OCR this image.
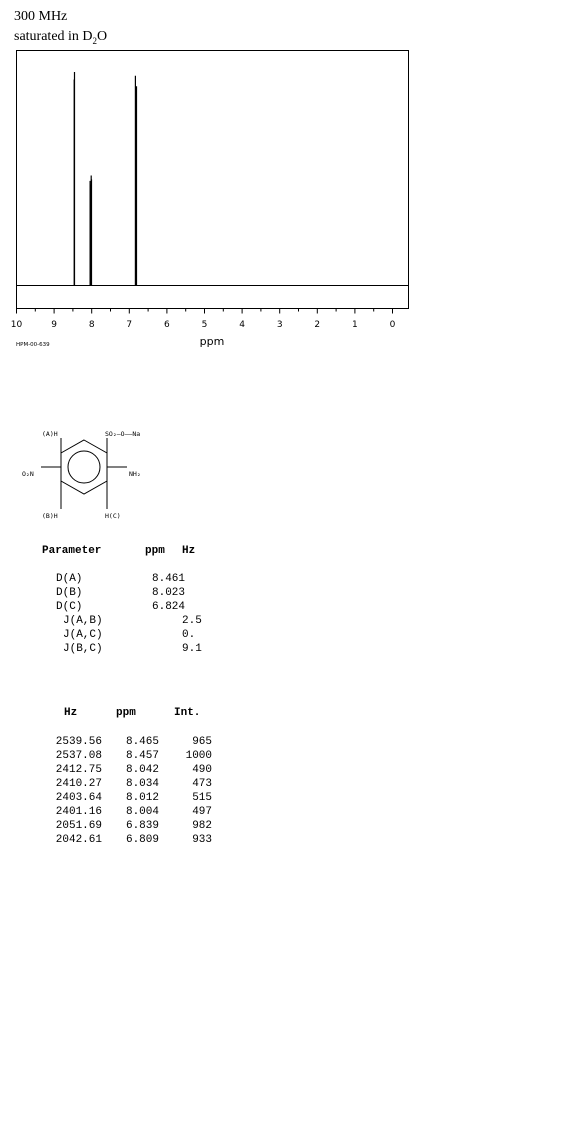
300 MHz
saturated in $D_2O$
10	9	8	7	6	5	4	3	2	1	0
ppm
HPM-00-639
(A)H	SO₂—O——Na
O₂N	NH₂
(B)H	H(C)
Parameter	ppm Hz
D(A)	8.461
D(B)	8.023
D(C)	6.824
J(A,B)	2.5
J(A,C)	0.
J(B,C)	9.1
Hz	ppm	Int.
2539.56	8.465	965
2537.08	8.457	1000
2412.75	8.042	490
2410.27	8.034	473
2403.64	8.012	515
2401.16	8.004	497
2051.69	6.839	982
2042.61	6.809	933
